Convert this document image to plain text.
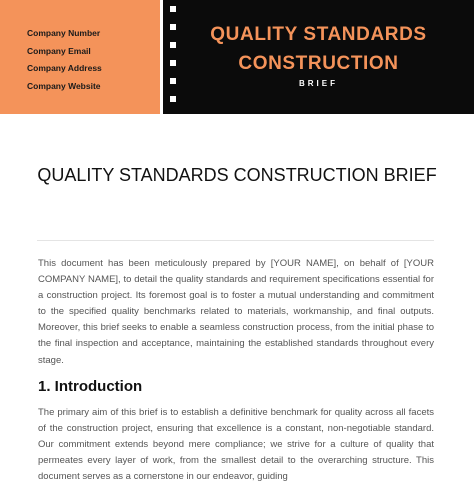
Company Number
Company Email
Company Address
Company Website
QUALITY STANDARDS
CONSTRUCTION
BRIEF
QUALITY STANDARDS CONSTRUCTION BRIEF

This document has been meticulously prepared by [YOUR NAME], on behalf of [YOUR COMPANY NAME], to detail the quality standards and requirement specifications essential for a construction project. Its foremost goal is to foster a mutual understanding and commitment to the specified quality benchmarks related to materials, workmanship, and final outputs. Moreover, this brief seeks to enable a seamless construction process, from the initial phase to the final inspection and acceptance, maintaining the established standards throughout every stage.

1. Introduction

The primary aim of this brief is to establish a definitive benchmark for quality across all facets of the construction project, ensuring that excellence is a constant, non-negotiable standard. Our commitment extends beyond mere compliance; we strive for a culture of quality that permeates every layer of work, from the smallest detail to the overarching structure. This document serves as a cornerstone in our endeavor, guiding
